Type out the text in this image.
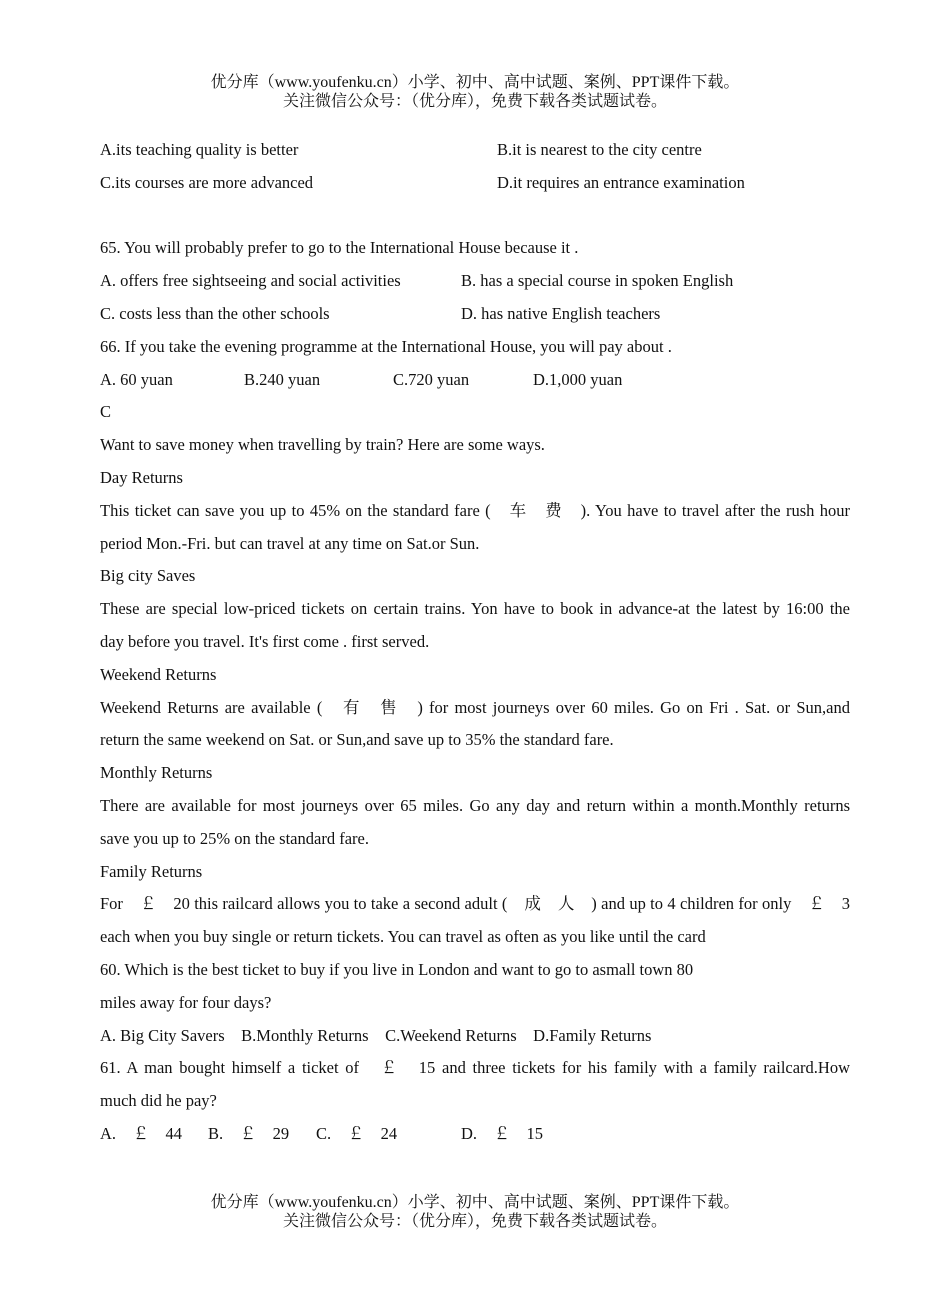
优分库（www.youfenku.cn）小学、初中、高中试题、案例、PPT课件下载。
关注微信公众号：（优分库），免费下载各类试题试卷。
A.its teaching quality is better	B.it is nearest to the city centre
C.its courses are more advanced	D.it requires an entrance examination
65. You will probably prefer to go to the International House because it .
A. offers free sightseeing and social activities	B. has a special course in spoken English
C. costs less than the other schools	D. has native English teachers
66. If you take the evening programme at the International House, you will pay about .
A. 60 yuan	B.240 yuan	C.720 yuan	D.1,000 yuan
C
Want to save money when travelling by train? Here are some ways.
Day Returns
This ticket can save you up to 45% on the standard fare (　车　费　). You have to travel after the rush hour
period Mon.-Fri. but can travel at any time on Sat.or Sun.
Big city Saves
These are special low-priced tickets on certain trains. Yon have to book in advance-at the latest by 16:00 the
day before you travel. It's first come . first served.
Weekend Returns
Weekend Returns are available (　有　售　) for most journeys over 60 miles. Go on Fri . Sat. or Sun,and
return the same weekend on Sat. or Sun,and save up to 35% the standard fare.
Monthly Returns
There are available for most journeys over 65 miles. Go any day and return within a month.Monthly returns
save you up to 25% on the standard fare.
Family Returns
For　￡　20 this railcard allows you to take a second adult (　成　人　) and up to 4 children for only　￡　3
each when you buy single or return tickets. You can travel as often as you like until the card
60. Which is the best ticket to buy if you live in London and want to go to asmall town 80
miles away for four days?
A. Big City Savers　B.Monthly Returns　C.Weekend Returns　D.Family Returns
61. A man bought himself a ticket of　￡　15 and three tickets for his family with a family railcard.How
much did he pay?
A.　￡　44 B.　￡　29 C.　￡　24	D.　￡　15
优分库（www.youfenku.cn）小学、初中、高中试题、案例、PPT课件下载。
关注微信公众号：（优分库），免费下载各类试题试卷。
